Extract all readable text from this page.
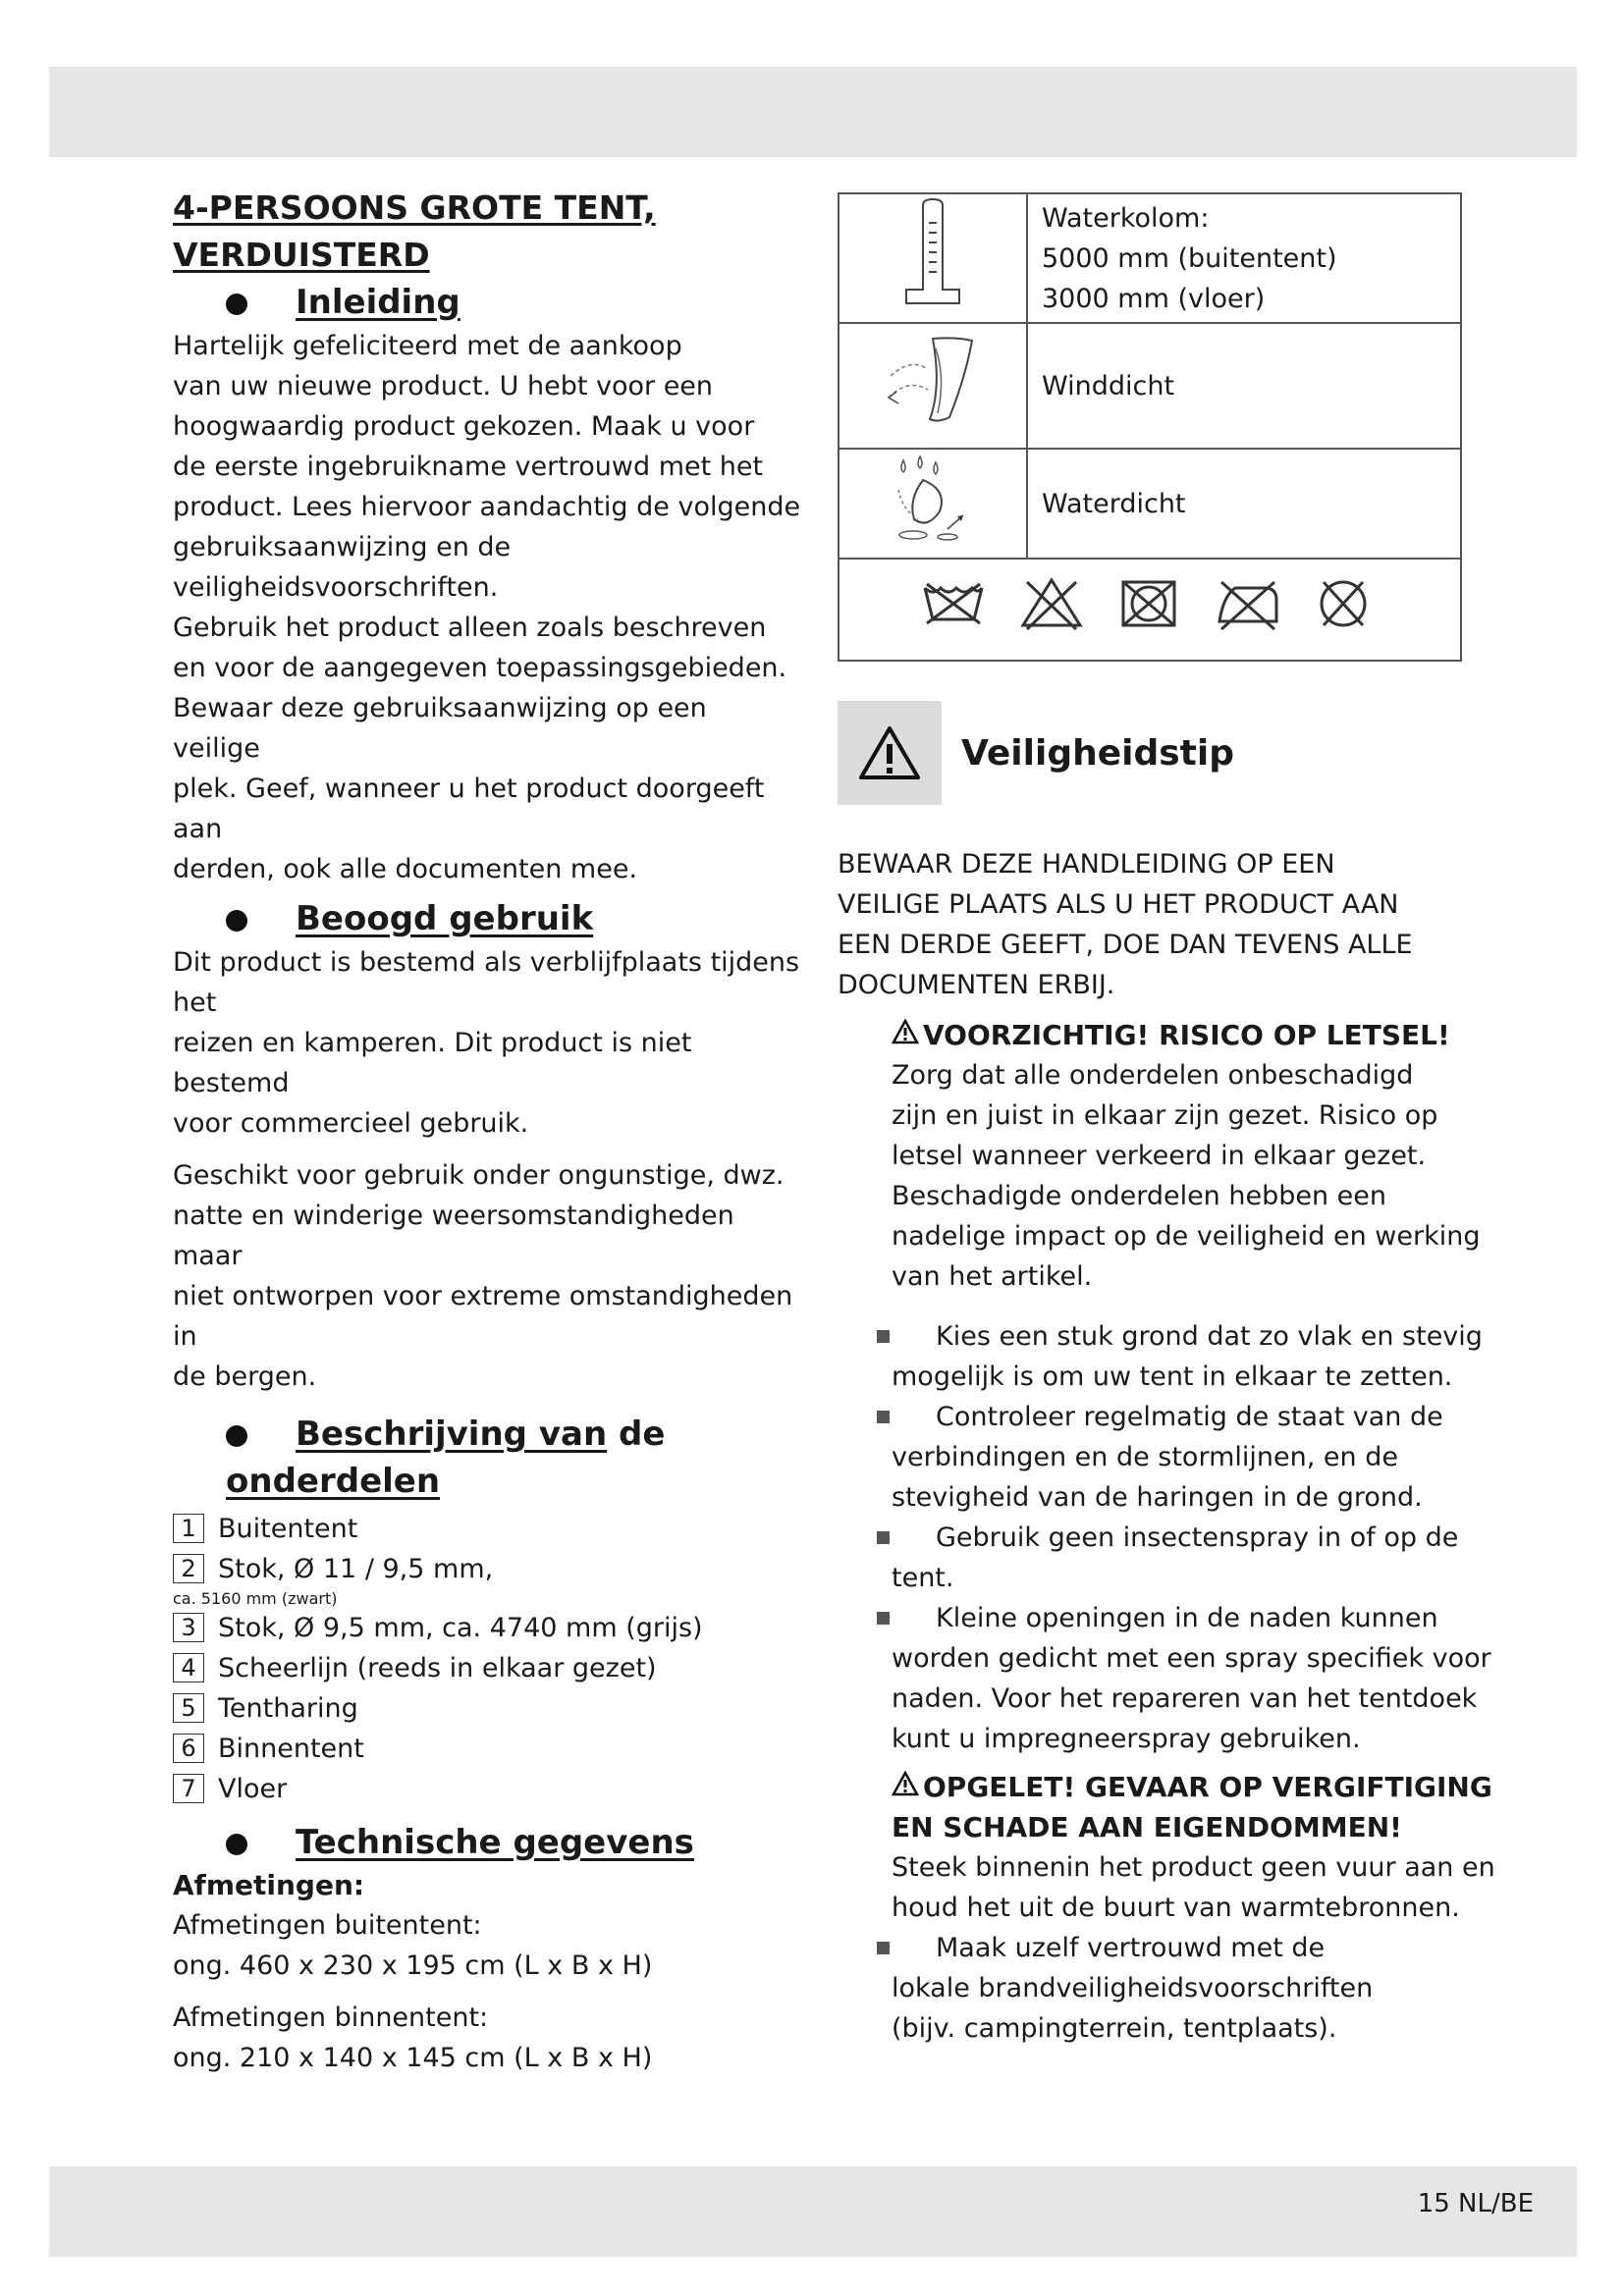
4-PERSOONS GROTE TENT,
VERDUISTERD
Inleiding

Hartelijk gefeliciteerd met de aankoop

van uw nieuwe product. U hebt voor een

hoogwaardig product gekozen. Maak u voor

de eerste ingebruikname vertrouwd met het

product. Lees hiervoor aandachtig de volgende

gebruiksaanwijzing en de veiligheidsvoorschriften.

Gebruik het product alleen zoals beschreven

en voor de aangegeven toepassingsgebieden.

Bewaar deze gebruiksaanwijzing op een veilige

plek. Geef, wanneer u het product doorgeeft aan

derden, ook alle documenten mee.

Beoogd gebruik

Dit product is bestemd als verblijfplaats tijdens het

reizen en kamperen. Dit product is niet bestemd

voor commercieel gebruik.

Geschikt voor gebruik onder ongunstige, dwz.

natte en winderige weersomstandigheden maar

niet ontworpen voor extreme omstandigheden in

de bergen.

Beschrijving van de
onderdelen
1 Buitentent
2 Stok, Ø 11 / 9,5 mm,
ca. 5160 mm (zwart)
3 Stok, Ø 9,5 mm, ca. 4740 mm (grijs)
4 Scheerlijn (reeds in elkaar gezet)
5 Tentharing
6 Binnentent
7 Vloer
Technische gegevens
Afmetingen:

Afmetingen buitentent:

ong. 460 x 230 x 195 cm (L x B x H)

Afmetingen binnentent:

ong. 210 x 140 x 145 cm (L x B x H)

Waterkolom:
5000 mm (buitentent)
3000 mm (vloer)

	Winddicht
	Waterdicht

Veiligheidstip
BEWAAR DEZE HANDLEIDING OP EEN
VEILIGE PLAATS ALS U HET PRODUCT AAN
EEN DERDE GEEFT, DOE DAN TEVENS ALLE
DOCUMENTEN ERBIJ.
VOORZICHTIG! RISICO OP LETSEL!

Zorg dat alle onderdelen onbeschadigd

zijn en juist in elkaar zijn gezet. Risico op

letsel wanneer verkeerd in elkaar gezet.

Beschadigde onderdelen hebben een

nadelige impact op de veiligheid en werking

van het artikel.

Kies een stuk grond dat zo vlak en stevig
mogelijk is om uw tent in elkaar te zetten.
Controleer regelmatig de staat van de
verbindingen en de stormlijnen, en de
stevigheid van de haringen in de grond.
Gebruik geen insectenspray in of op de tent.
Kleine openingen in de naden kunnen
worden gedicht met een spray specifiek voor
naden. Voor het repareren van het tentdoek
kunt u impregneerspray gebruiken.
OPGELET! GEVAAR OP VERGIFTIGING
EN SCHADE AAN EIGENDOMMEN!

Steek binnenin het product geen vuur aan en

houd het uit de buurt van warmtebronnen.

Maak uzelf vertrouwd met de
lokale brandveiligheidsvoorschriften
(bijv. campingterrein, tentplaats).
15 NL/BE
